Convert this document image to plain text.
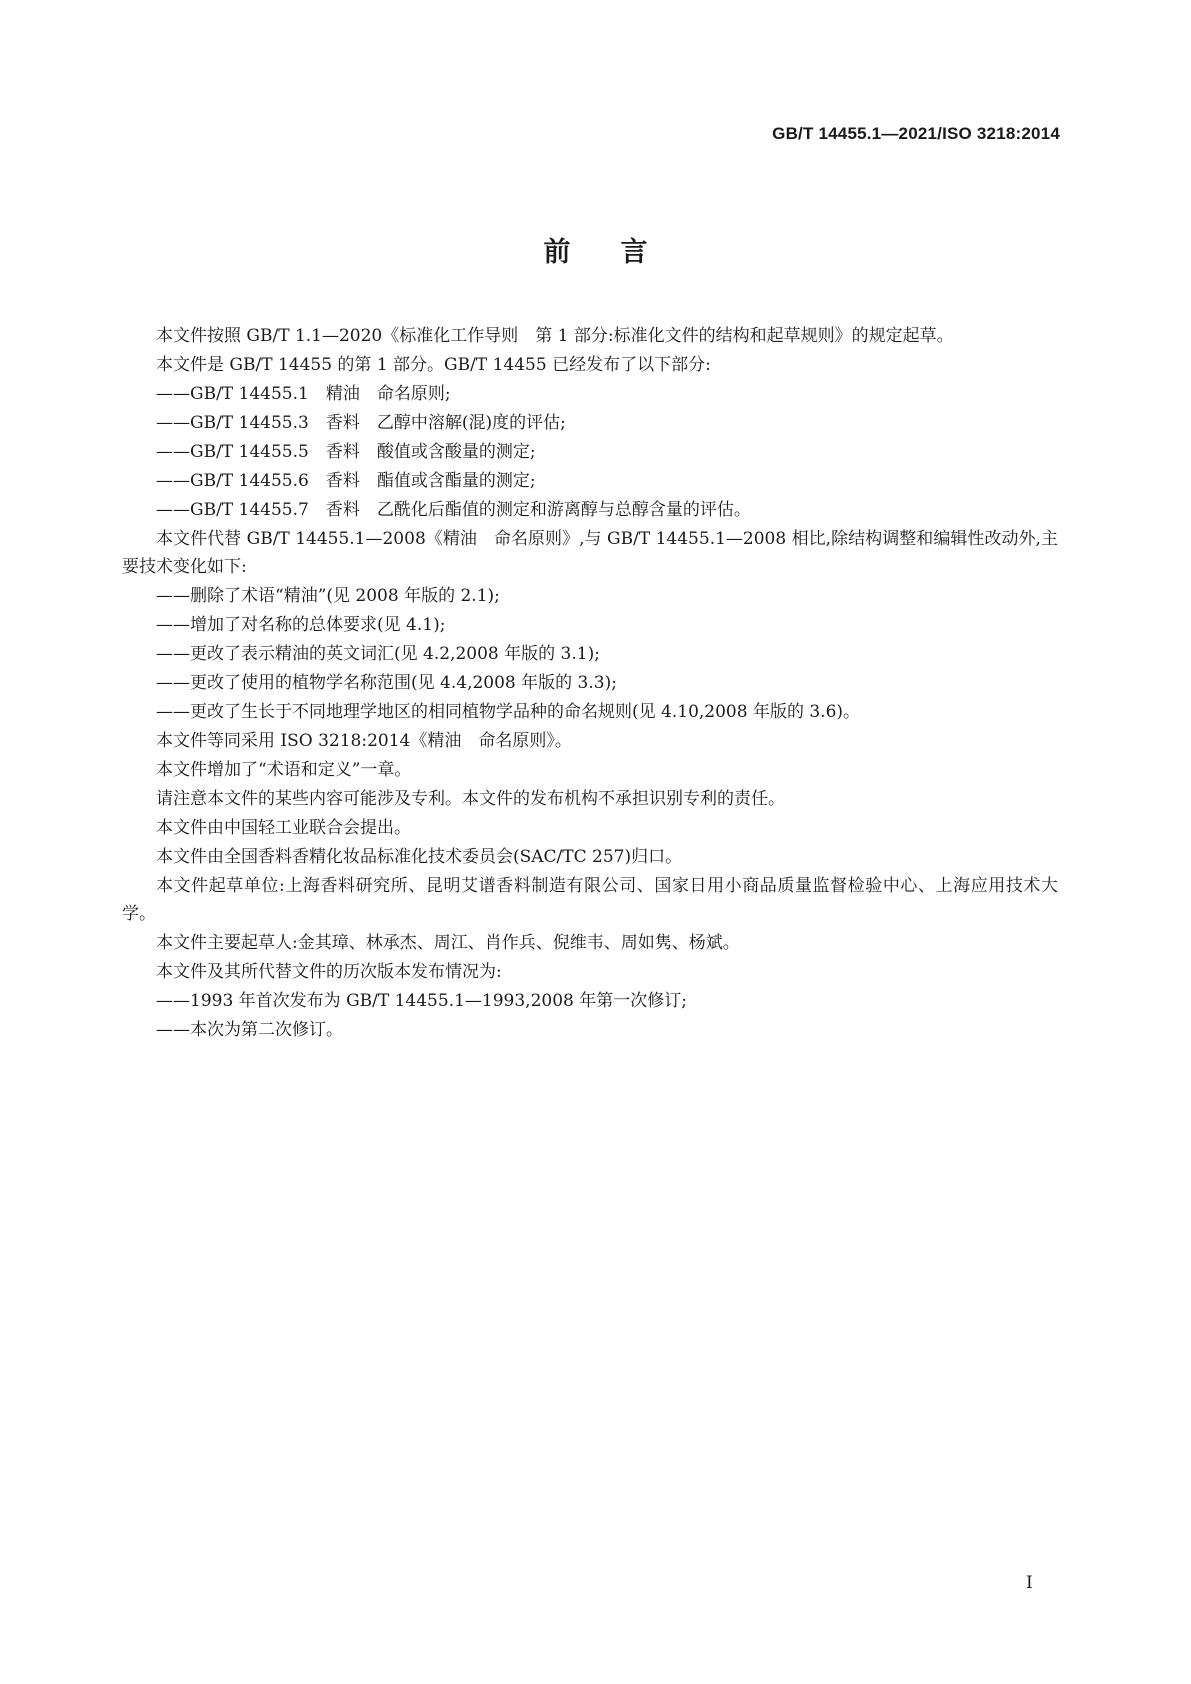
GB/T 14455.1—2021/ISO 3218:2014
前言

本文件按照 GB/T 1.1—2020《标准化工作导则　第 1 部分:标准化文件的结构和起草规则》的规定起草。

本文件是 GB/T 14455 的第 1 部分。GB/T 14455 已经发布了以下部分:

——GB/T 14455.1　精油　命名原则;

——GB/T 14455.3　香料　乙醇中溶解(混)度的评估;

——GB/T 14455.5　香料　酸值或含酸量的测定;

——GB/T 14455.6　香料　酯值或含酯量的测定;

——GB/T 14455.7　香料　乙酰化后酯值的测定和游离醇与总醇含量的评估。

本文件代替 GB/T 14455.1—2008《精油　命名原则》,与 GB/T 14455.1—2008 相比,除结构调整和编辑性改动外,主要技术变化如下:

——删除了术语“精油”(见 2008 年版的 2.1);

——增加了对名称的总体要求(见 4.1);

——更改了表示精油的英文词汇(见 4.2,2008 年版的 3.1);

——更改了使用的植物学名称范围(见 4.4,2008 年版的 3.3);

——更改了生长于不同地理学地区的相同植物学品种的命名规则(见 4.10,2008 年版的 3.6)。

本文件等同采用 ISO 3218:2014《精油　命名原则》。

本文件增加了“术语和定义”一章。

请注意本文件的某些内容可能涉及专利。本文件的发布机构不承担识别专利的责任。

本文件由中国轻工业联合会提出。

本文件由全国香料香精化妆品标准化技术委员会(SAC/TC 257)归口。

本文件起草单位:上海香料研究所、昆明艾谱香料制造有限公司、国家日用小商品质量监督检验中心、上海应用技术大学。

本文件主要起草人:金其璋、林承杰、周江、肖作兵、倪维韦、周如隽、杨斌。

本文件及其所代替文件的历次版本发布情况为:

——1993 年首次发布为 GB/T 14455.1—1993,2008 年第一次修订;

——本次为第二次修订。

I
